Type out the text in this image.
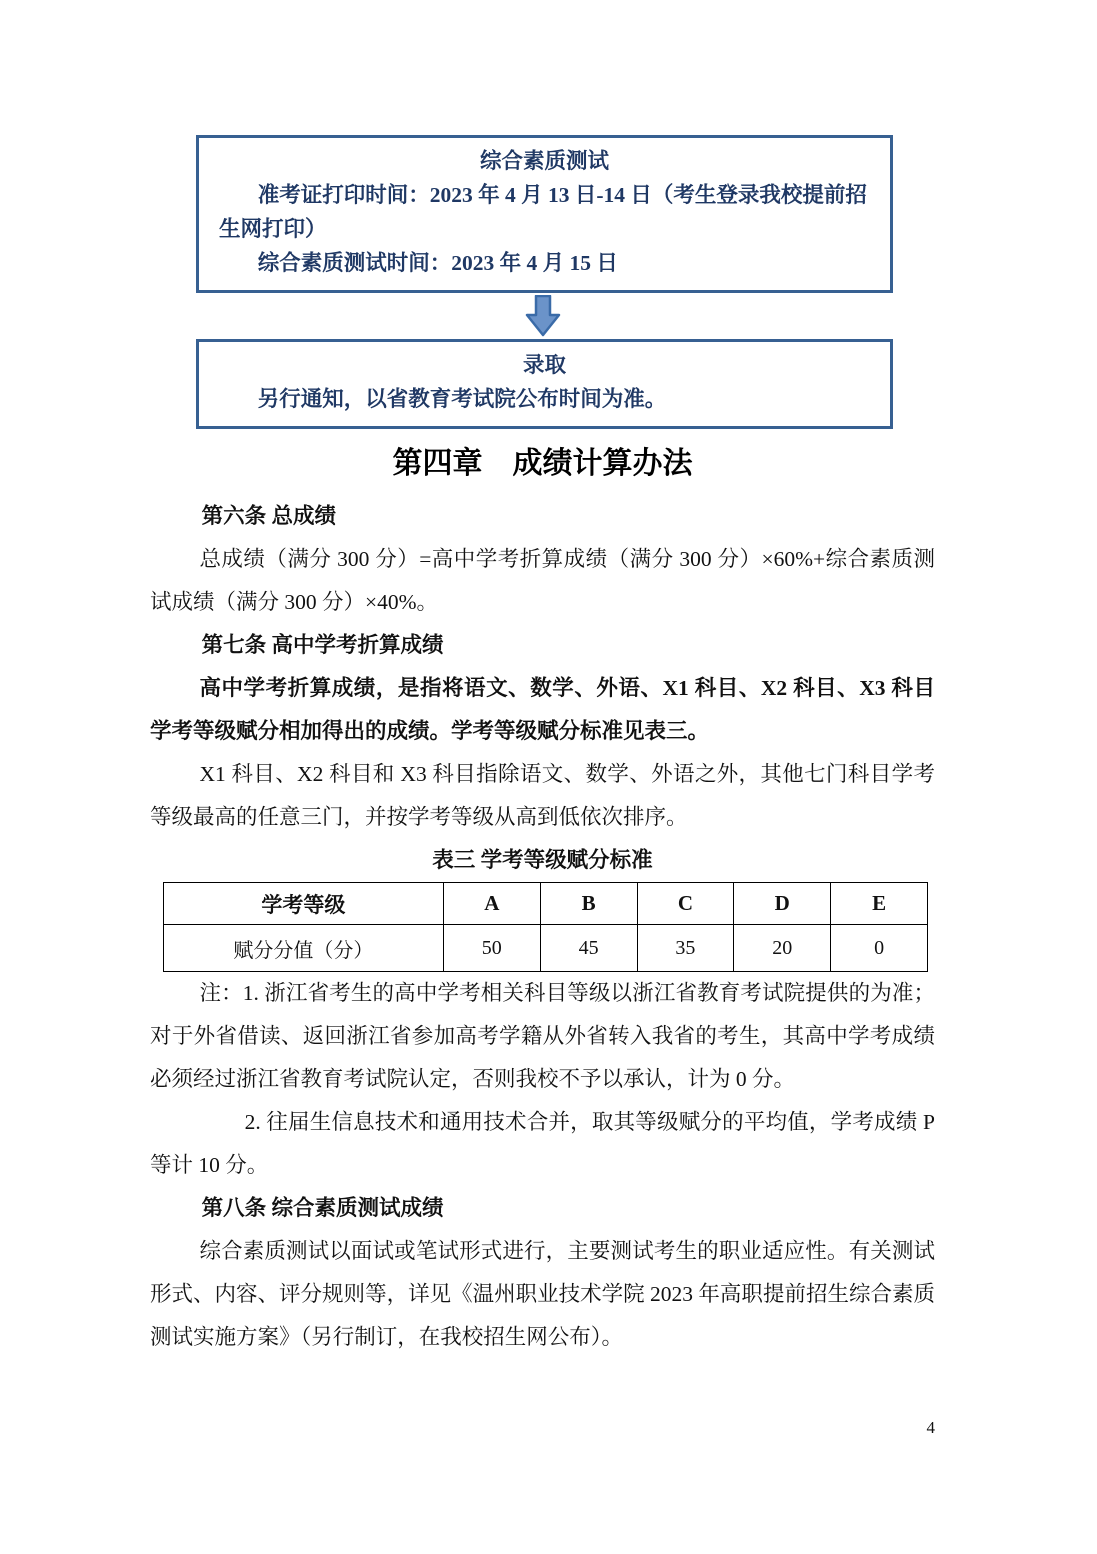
综合素质测试

准考证打印时间：2023 年 4 月 13 日-14 日（考生登录我校提前招生网打印）

综合素质测试时间：2023 年 4 月 15 日

录取

另行通知，以省教育考试院公布时间为准。

第四章　成绩计算办法
第六条 总成绩

总成绩（满分 300 分）=高中学考折算成绩（满分 300 分）×60%+综合素质测试成绩（满分 300 分）×40%。

第七条 高中学考折算成绩

高中学考折算成绩，是指将语文、数学、外语、X1 科目、X2 科目、X3 科目学考等级赋分相加得出的成绩。学考等级赋分标准见表三。

X1 科目、X2 科目和 X3 科目指除语文、数学、外语之外，其他七门科目学考等级最高的任意三门，并按学考等级从高到低依次排序。

表三 学考等级赋分标准
学考等级	A	B	C	D	E
赋分分值（分）	50	45	35	20	0

注：1. 浙江省考生的高中学考相关科目等级以浙江省教育考试院提供的为准；对于外省借读、返回浙江省参加高考学籍从外省转入我省的考生，其高中学考成绩必须经过浙江省教育考试院认定，否则我校不予以承认，计为 0 分。

2. 往届生信息技术和通用技术合并，取其等级赋分的平均值，学考成绩 P 等计 10 分。

第八条 综合素质测试成绩

综合素质测试以面试或笔试形式进行，主要测试考生的职业适应性。有关测试形式、内容、评分规则等，详见《温州职业技术学院 2023 年高职提前招生综合素质测试实施方案》（另行制订，在我校招生网公布）。

4
